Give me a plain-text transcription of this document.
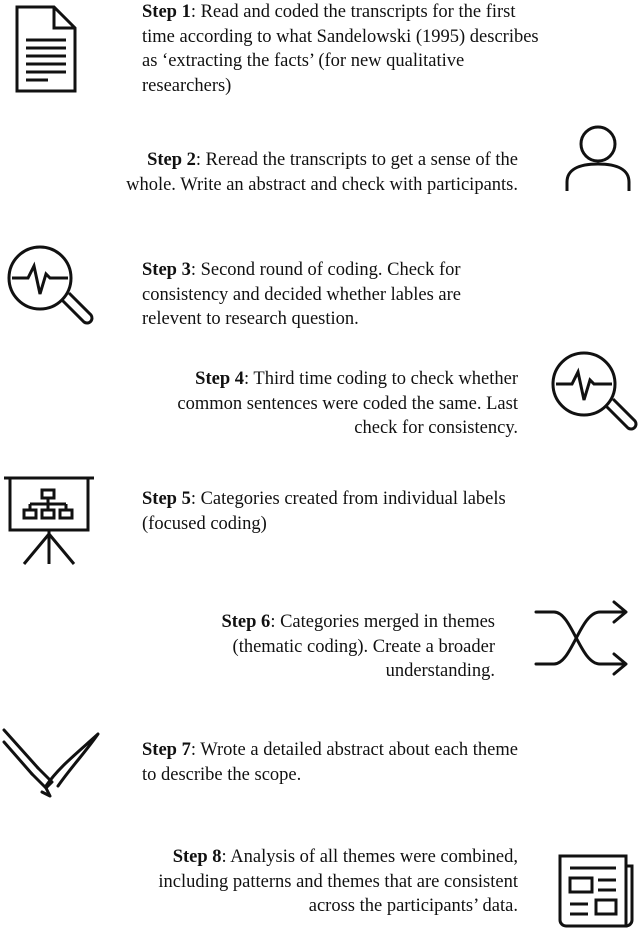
Step 1: Read and coded the transcripts for the first time according to what Sandelowski (1995) describes as ‘extracting the facts’ (for new qualitative researchers)
Step 2: Reread the transcripts to get a sense of the whole. Write an abstract and check with participants.
Step 3: Second round of coding. Check for consistency and decided whether lables are relevent to research question.
Step 4: Third time coding to check whether common sentences were coded the same. Last check for consistency.
Step 5: Categories created from individual labels (focused coding)
Step 6: Categories merged in themes (thematic coding). Create a broader understanding.
Step 7: Wrote a detailed abstract about each theme to describe the scope.
Step 8: Analysis of all themes were combined, including patterns and themes that are consistent across the participants’ data.
